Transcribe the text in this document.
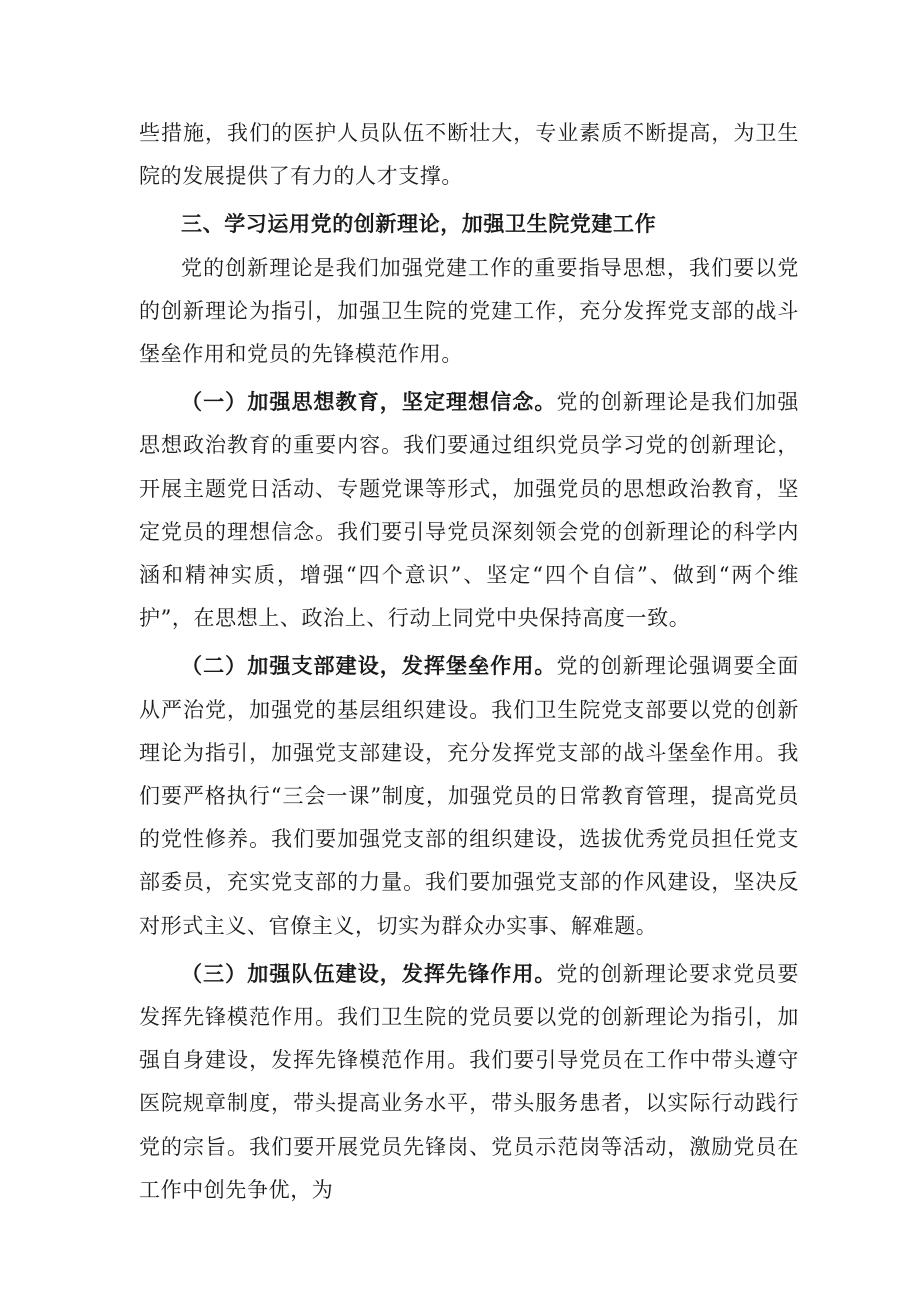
些措施，我们的医护人员队伍不断壮大，专业素质不断提高，为卫生院的发展提供了有力的人才支撑。

三、学习运用党的创新理论，加强卫生院党建工作

党的创新理论是我们加强党建工作的重要指导思想，我们要以党的创新理论为指引，加强卫生院的党建工作，充分发挥党支部的战斗堡垒作用和党员的先锋模范作用。

（一）加强思想教育，坚定理想信念。党的创新理论是我们加强思想政治教育的重要内容。我们要通过组织党员学习党的创新理论，开展主题党日活动、专题党课等形式，加强党员的思想政治教育，坚定党员的理想信念。我们要引导党员深刻领会党的创新理论的科学内涵和精神实质，增强“四个意识”、坚定“四个自信”、做到“两个维护”，在思想上、政治上、行动上同党中央保持高度一致。

（二）加强支部建设，发挥堡垒作用。党的创新理论强调要全面从严治党，加强党的基层组织建设。我们卫生院党支部要以党的创新理论为指引，加强党支部建设，充分发挥党支部的战斗堡垒作用。我们要严格执行“三会一课”制度，加强党员的日常教育管理，提高党员的党性修养。我们要加强党支部的组织建设，选拔优秀党员担任党支部委员，充实党支部的力量。我们要加强党支部的作风建设，坚决反对形式主义、官僚主义，切实为群众办实事、解难题。

（三）加强队伍建设，发挥先锋作用。党的创新理论要求党员要发挥先锋模范作用。我们卫生院的党员要以党的创新理论为指引，加强自身建设，发挥先锋模范作用。我们要引导党员在工作中带头遵守医院规章制度，带头提高业务水平，带头服务患者，以实际行动践行党的宗旨。我们要开展党员先锋岗、党员示范岗等活动，激励党员在工作中创先争优，为
